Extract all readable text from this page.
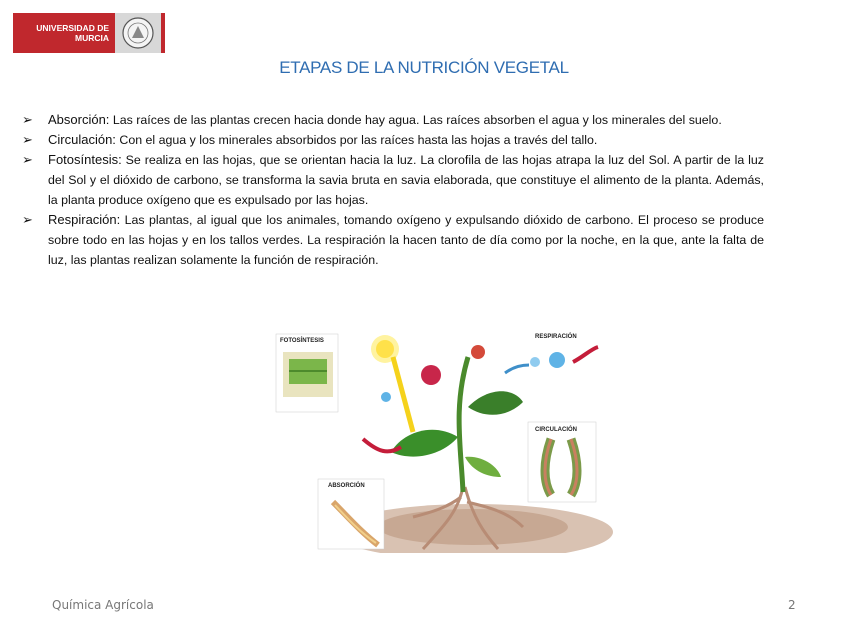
UNIVERSIDAD DE
MURCIA
ETAPAS DE LA NUTRICIÓN VEGETAL
➢ Absorción: Las raíces de las plantas crecen hacia donde hay agua. Las raíces absorben el agua y los minerales del suelo.
➢ Circulación: Con el agua y los minerales absorbidos por las raíces hasta las hojas a través del tallo.
➢ Fotosíntesis: Se realiza en las hojas, que se orientan hacia la luz. La clorofila de las hojas atrapa la luz del Sol. A partir de la luz del Sol y el dióxido de carbono, se transforma la savia bruta en savia elaborada, que constituye el alimento de la planta. Además, la planta produce oxígeno que es expulsado por las hojas.
➢ Respiración: Las plantas, al igual que los animales, tomando oxígeno y expulsando dióxido de carbono. El proceso se produce sobre todo en las hojas y en los tallos verdes. La respiración la hacen tanto de día como por la noche, en la que, ante la falta de luz, las plantas realizan solamente la función de respiración.
FOTOSÍNTESIS
RESPIRACIÓN
CIRCULACIÓN
ABSORCIÓN
Química Agrícola	2
